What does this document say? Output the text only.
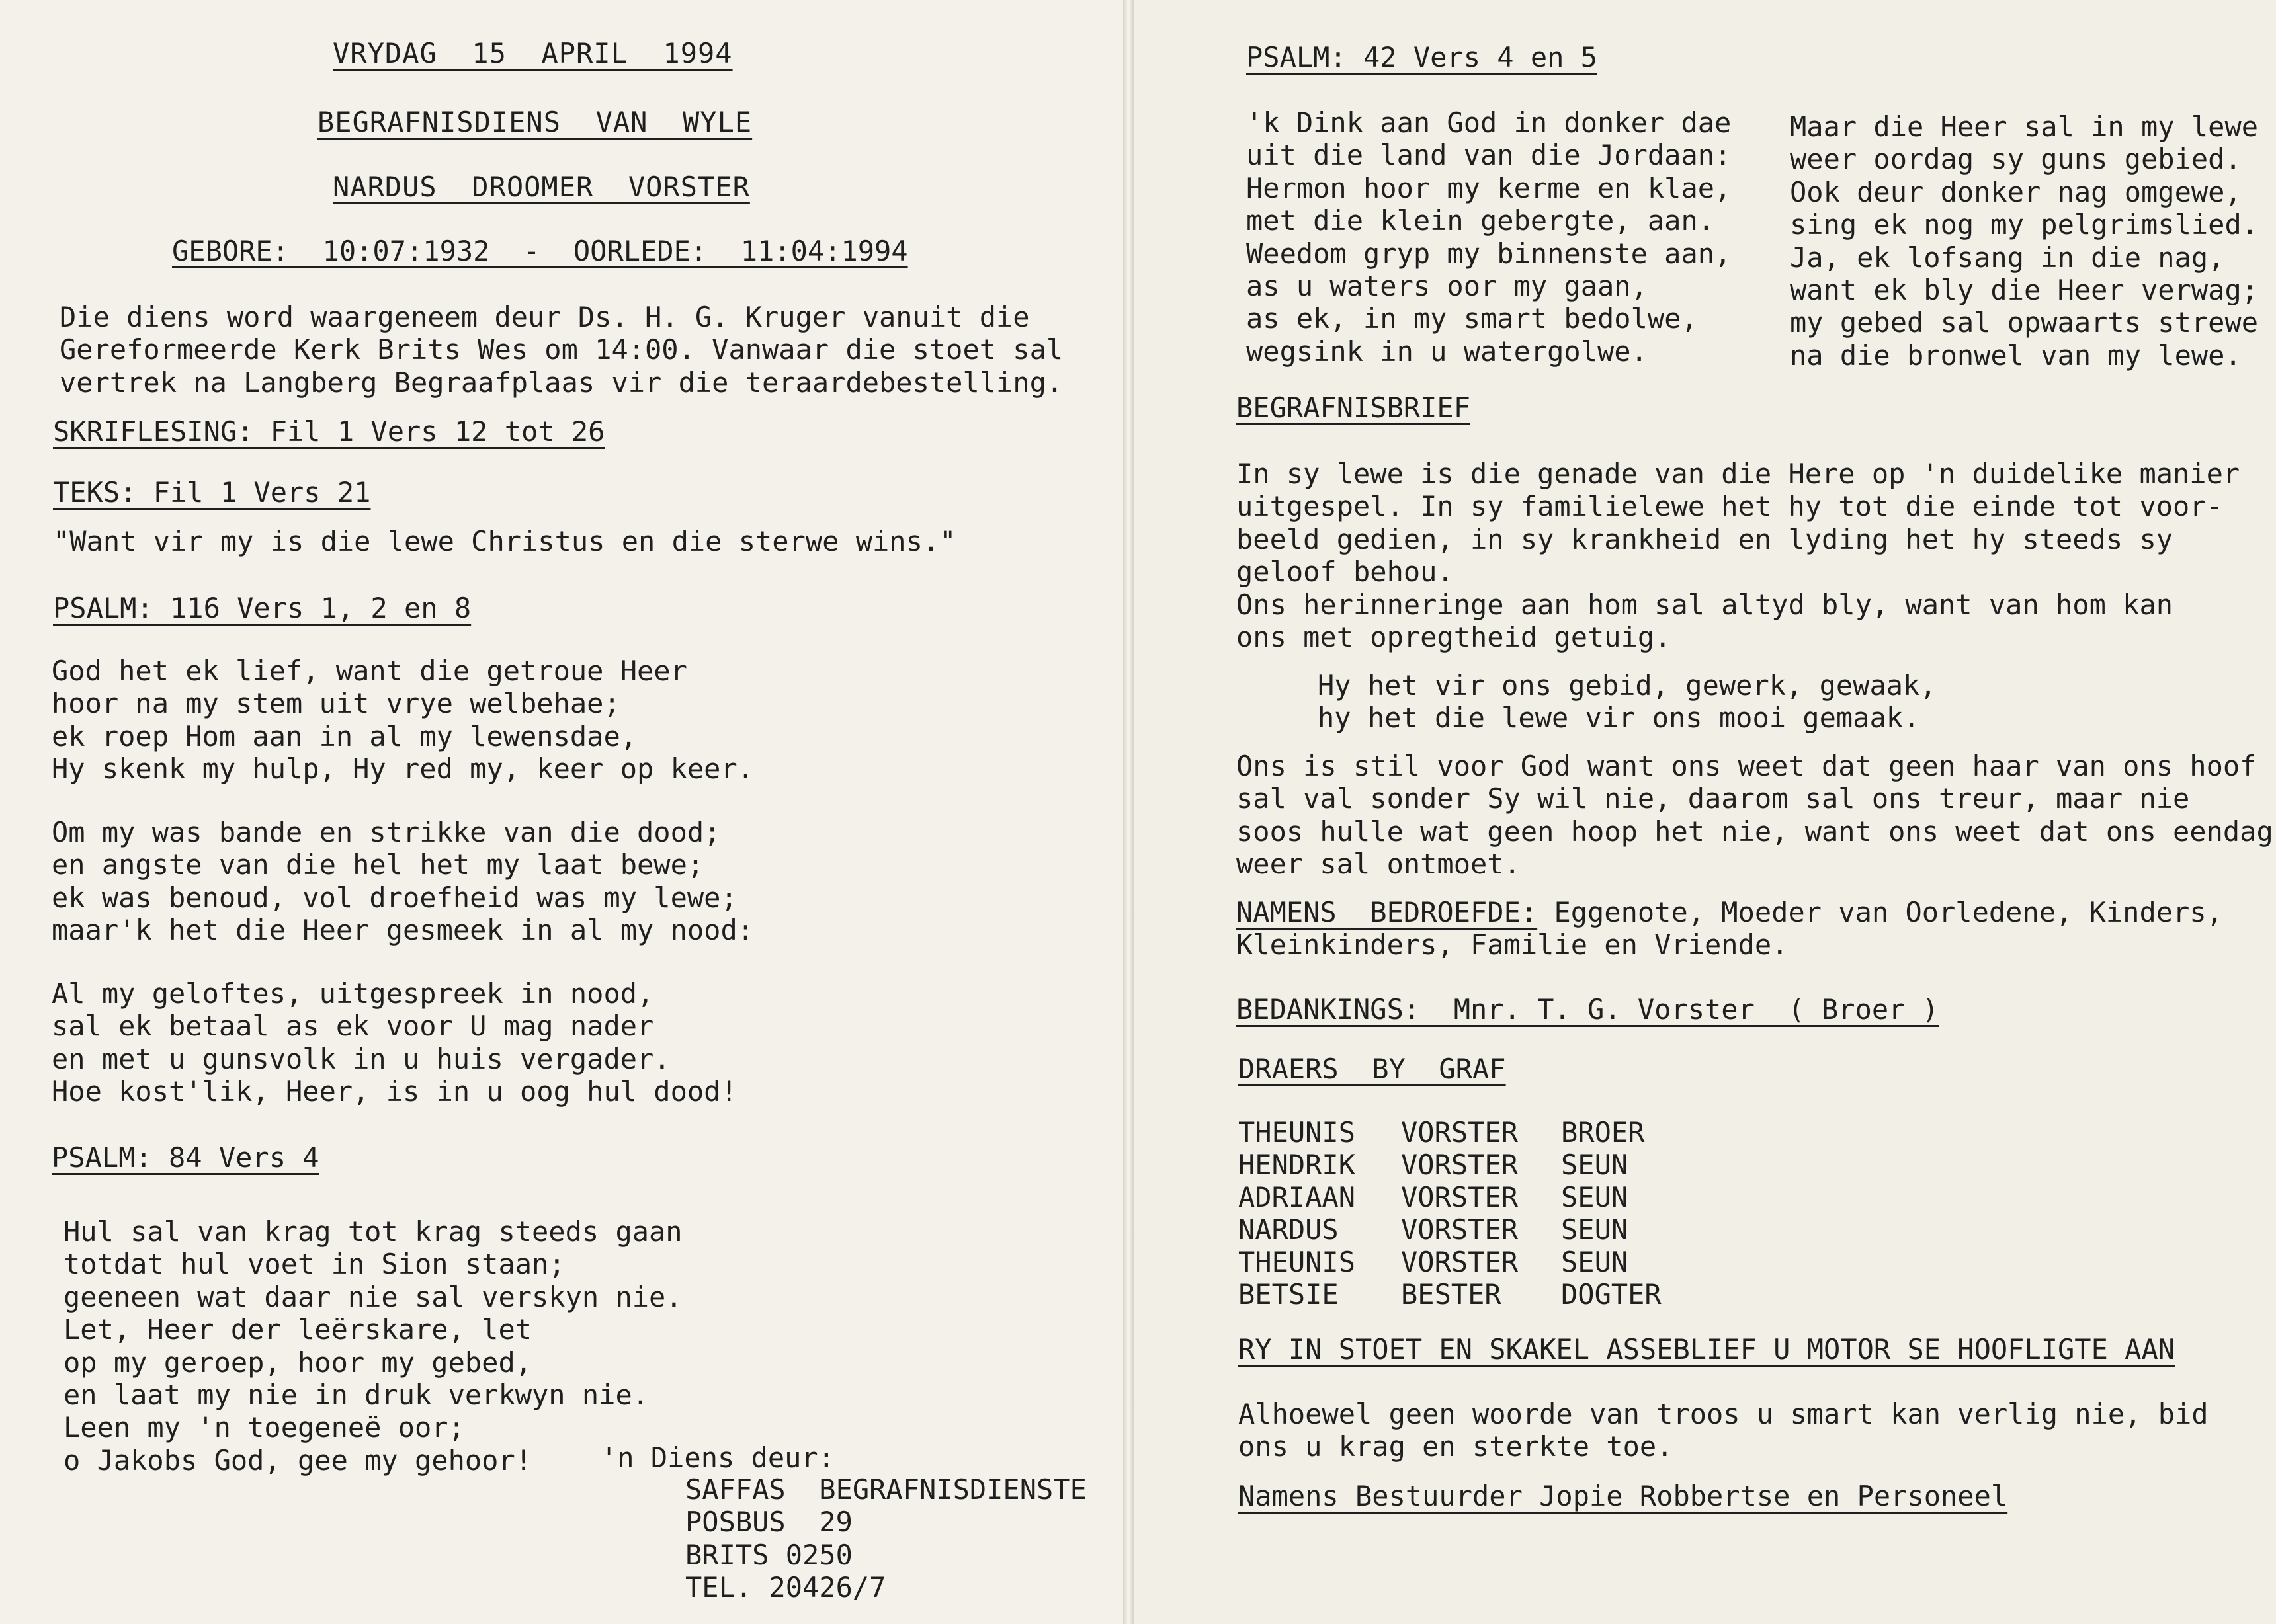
VRYDAG  15  APRIL  1994
BEGRAFNISDIENS  VAN  WYLE
NARDUS  DROOMER  VORSTER
GEBORE:  10:07:1932  -  OORLEDE:  11:04:1994
Die diens word waargeneem deur Ds. H. G. Kruger vanuit die
Gereformeerde Kerk Brits Wes om 14:00. Vanwaar die stoet sal
vertrek na Langberg Begraafplaas vir die teraardebestelling.
SKRIFLESING: Fil 1 Vers 12 tot 26
TEKS: Fil 1 Vers 21
"Want vir my is die lewe Christus en die sterwe wins."
PSALM: 116 Vers 1, 2 en 8
God het ek lief, want die getroue Heer
hoor na my stem uit vrye welbehae;
ek roep Hom aan in al my lewensdae,
Hy skenk my hulp, Hy red my, keer op keer.
Om my was bande en strikke van die dood;
en angste van die hel het my laat bewe;
ek was benoud, vol droefheid was my lewe;
maar'k het die Heer gesmeek in al my nood:
Al my geloftes, uitgespreek in nood,
sal ek betaal as ek voor U mag nader
en met u gunsvolk in u huis vergader.
Hoe kost'lik, Heer, is in u oog hul dood!
PSALM: 84 Vers 4
Hul sal van krag tot krag steeds gaan
totdat hul voet in Sion staan;
geeneen wat daar nie sal verskyn nie.
Let, Heer der leërskare, let
op my geroep, hoor my gebed,
en laat my nie in druk verkwyn nie.
Leen my 'n toegeneë oor;
o Jakobs God, gee my gehoor!	'n Diens deur:
SAFFAS  BEGRAFNISDIENSTE
POSBUS  29
BRITS 0250
TEL. 20426/7
PSALM: 42 Vers 4 en 5
'k Dink aan God in donker dae
uit die land van die Jordaan:
Hermon hoor my kerme en klae,
met die klein gebergte, aan.
Weedom gryp my binnenste aan,
as u waters oor my gaan,
as ek, in my smart bedolwe,
wegsink in u watergolwe.
Maar die Heer sal in my lewe
weer oordag sy guns gebied.
Ook deur donker nag omgewe,
sing ek nog my pelgrimslied.
Ja, ek lofsang in die nag,
want ek bly die Heer verwag;
my gebed sal opwaarts strewe
na die bronwel van my lewe.
BEGRAFNISBRIEF
In sy lewe is die genade van die Here op 'n duidelike manier
uitgespel. In sy familielewe het hy tot die einde tot voor-
beeld gedien, in sy krankheid en lyding het hy steeds sy
geloof behou.
Ons herinneringe aan hom sal altyd bly, want van hom kan
ons met opregtheid getuig.
Hy het vir ons gebid, gewerk, gewaak,
hy het die lewe vir ons mooi gemaak.
Ons is stil voor God want ons weet dat geen haar van ons hoof
sal val sonder Sy wil nie, daarom sal ons treur, maar nie
soos hulle wat geen hoop het nie, want ons weet dat ons eendag
weer sal ontmoet.
NAMENS  BEDROEFDE: Eggenote, Moeder van Oorledene, Kinders,
Kleinkinders, Familie en Vriende.
BEDANKINGS:  Mnr. T. G. Vorster  ( Broer )
DRAERS  BY  GRAF
THEUNIS VORSTER BROER
HENDRIK VORSTER SEUN
ADRIAAN VORSTER SEUN
NARDUS VORSTER SEUN
THEUNIS VORSTER SEUN
BETSIE BESTER DOGTER
RY IN STOET EN SKAKEL ASSEBLIEF U MOTOR SE HOOFLIGTE AAN
Alhoewel geen woorde van troos u smart kan verlig nie, bid
ons u krag en sterkte toe.
Namens Bestuurder Jopie Robbertse en Personeel
